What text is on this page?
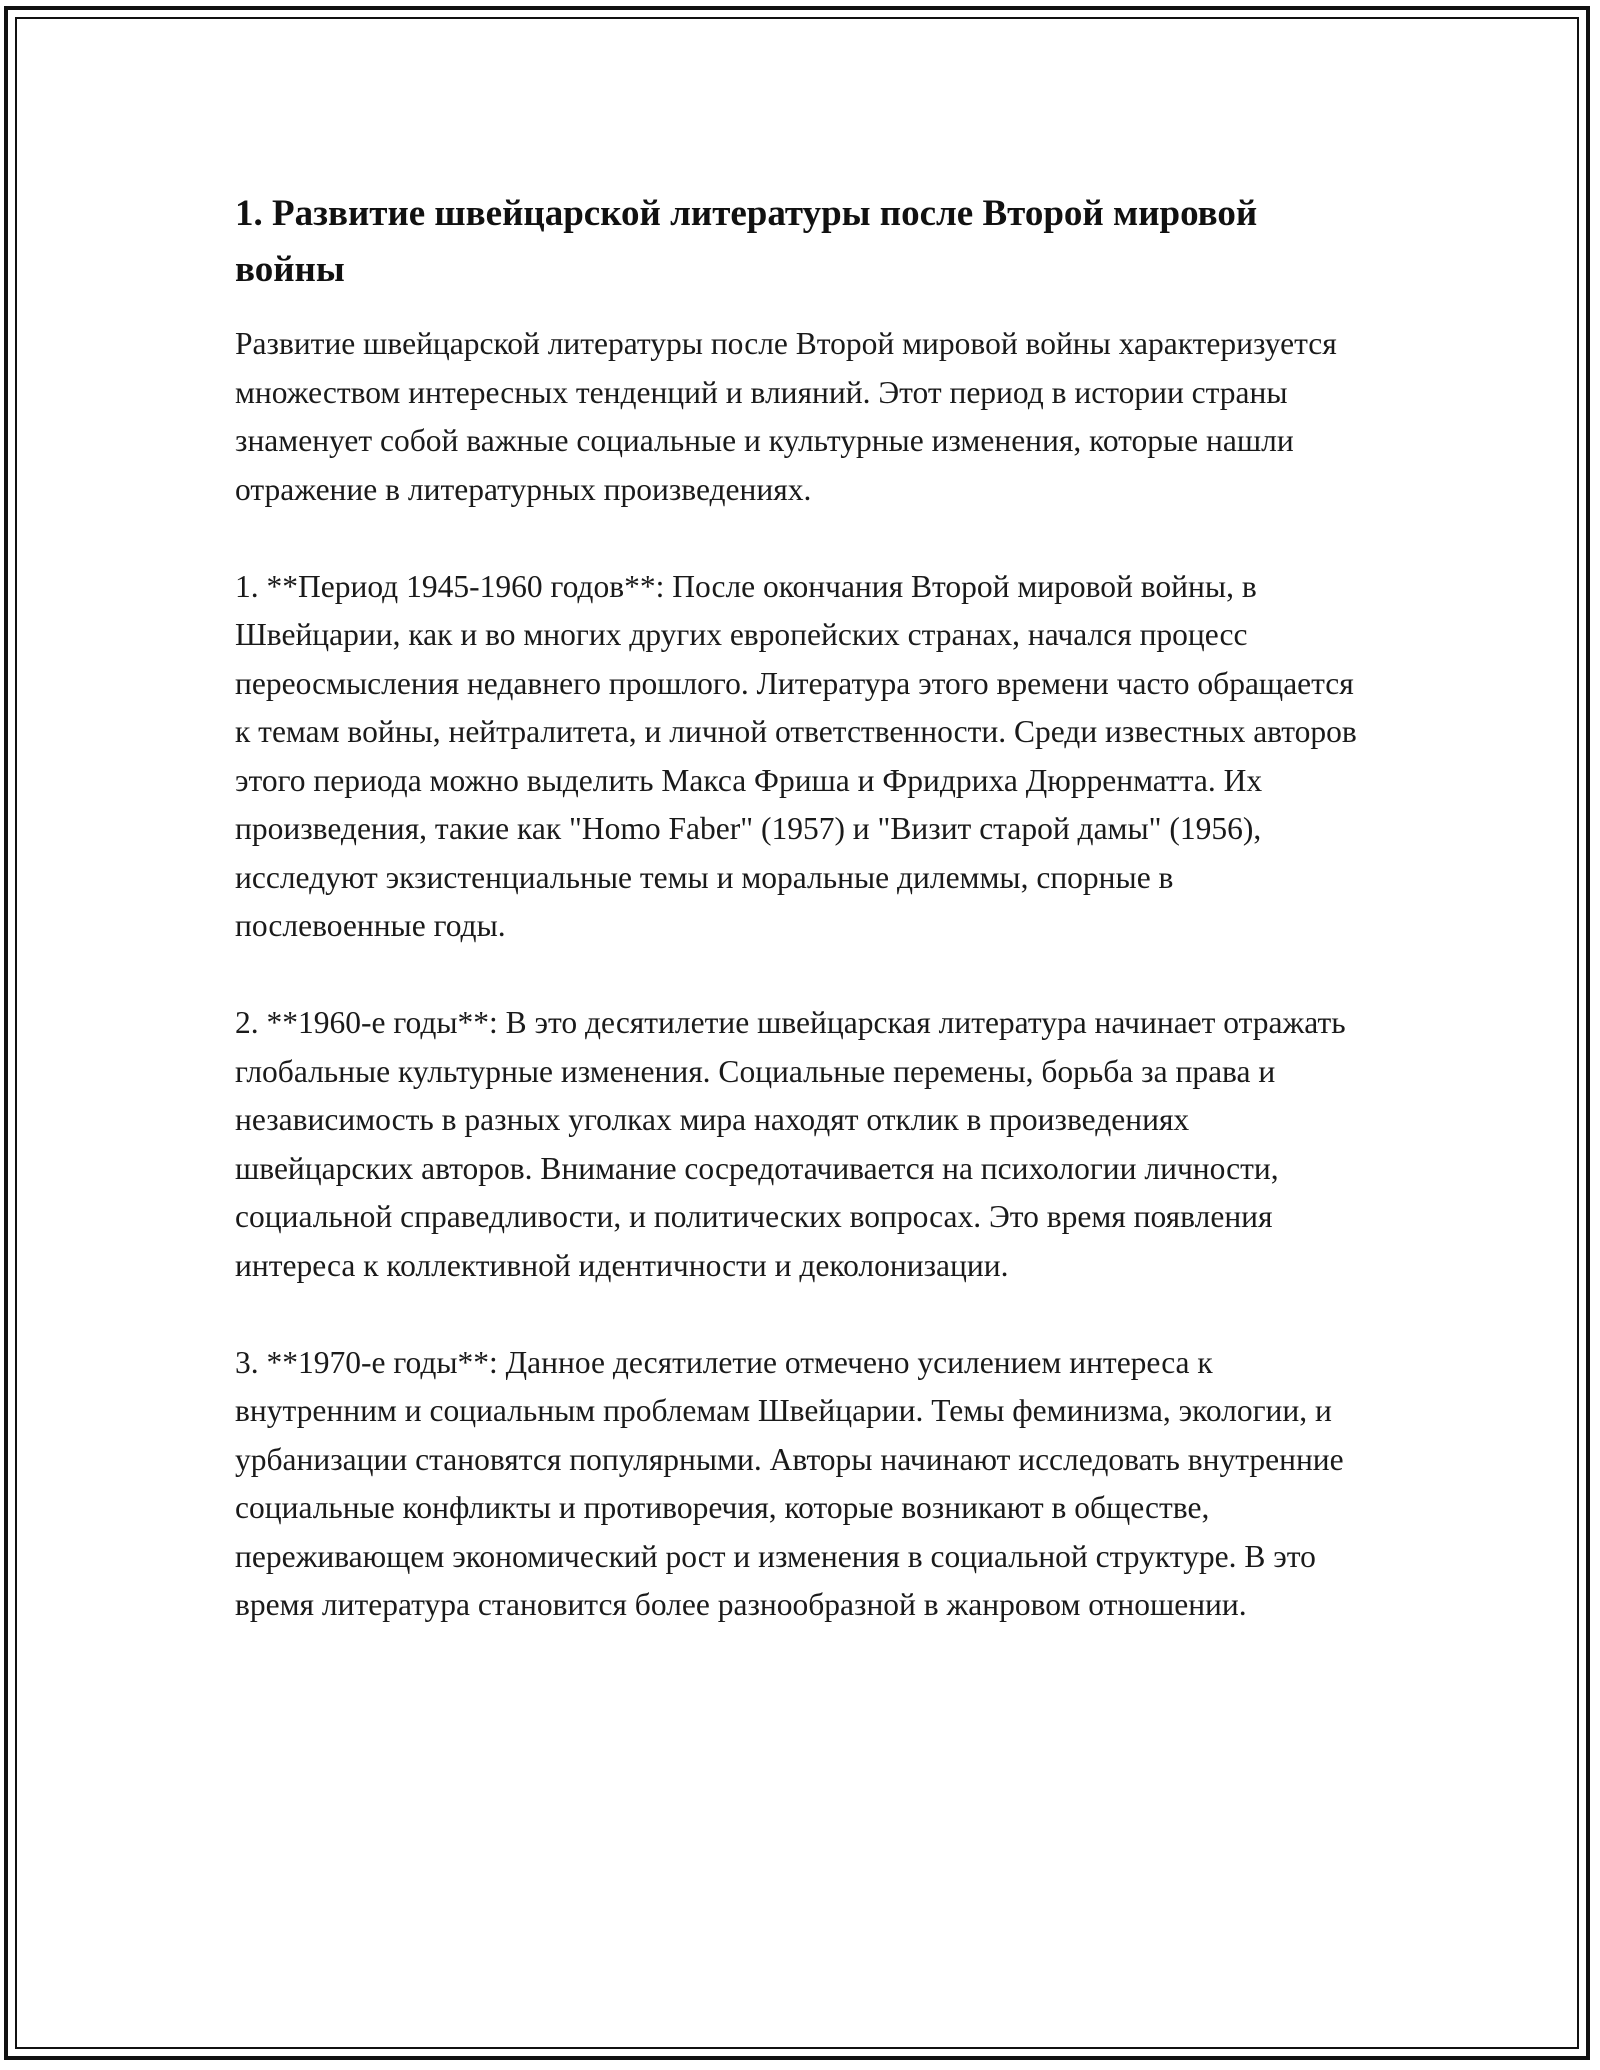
1. Развитие швейцарской литературы после Второй мировой войны

Развитие швейцарской литературы после Второй мировой войны характеризуется множеством интересных тенденций и влияний. Этот период в истории страны знаменует собой важные социальные и культурные изменения, которые нашли отражение в литературных произведениях.

1. **Период 1945-1960 годов**: После окончания Второй мировой войны, в Швейцарии, как и во многих других европейских странах, начался процесс переосмысления недавнего прошлого. Литература этого времени часто обращается к темам войны, нейтралитета, и личной ответственности. Среди известных авторов этого периода можно выделить Макса Фриша и Фридриха Дюрренматта. Их произведения, такие как "Homo Faber" (1957) и "Визит старой дамы" (1956), исследуют экзистенциальные темы и моральные дилеммы, спорные в послевоенные годы.

2. **1960-е годы**: В это десятилетие швейцарская литература начинает отражать глобальные культурные изменения. Социальные перемены, борьба за права и независимость в разных уголках мира находят отклик в произведениях швейцарских авторов. Внимание сосредотачивается на психологии личности, социальной справедливости, и политических вопросах. Это время появления интереса к коллективной идентичности и деколонизации.

3. **1970-е годы**: Данное десятилетие отмечено усилением интереса к внутренним и социальным проблемам Швейцарии. Темы феминизма, экологии, и урбанизации становятся популярными. Авторы начинают исследовать внутренние социальные конфликты и противоречия, которые возникают в обществе, переживающем экономический рост и изменения в социальной структуре. В это время литература становится более разнообразной в жанровом отношении.
